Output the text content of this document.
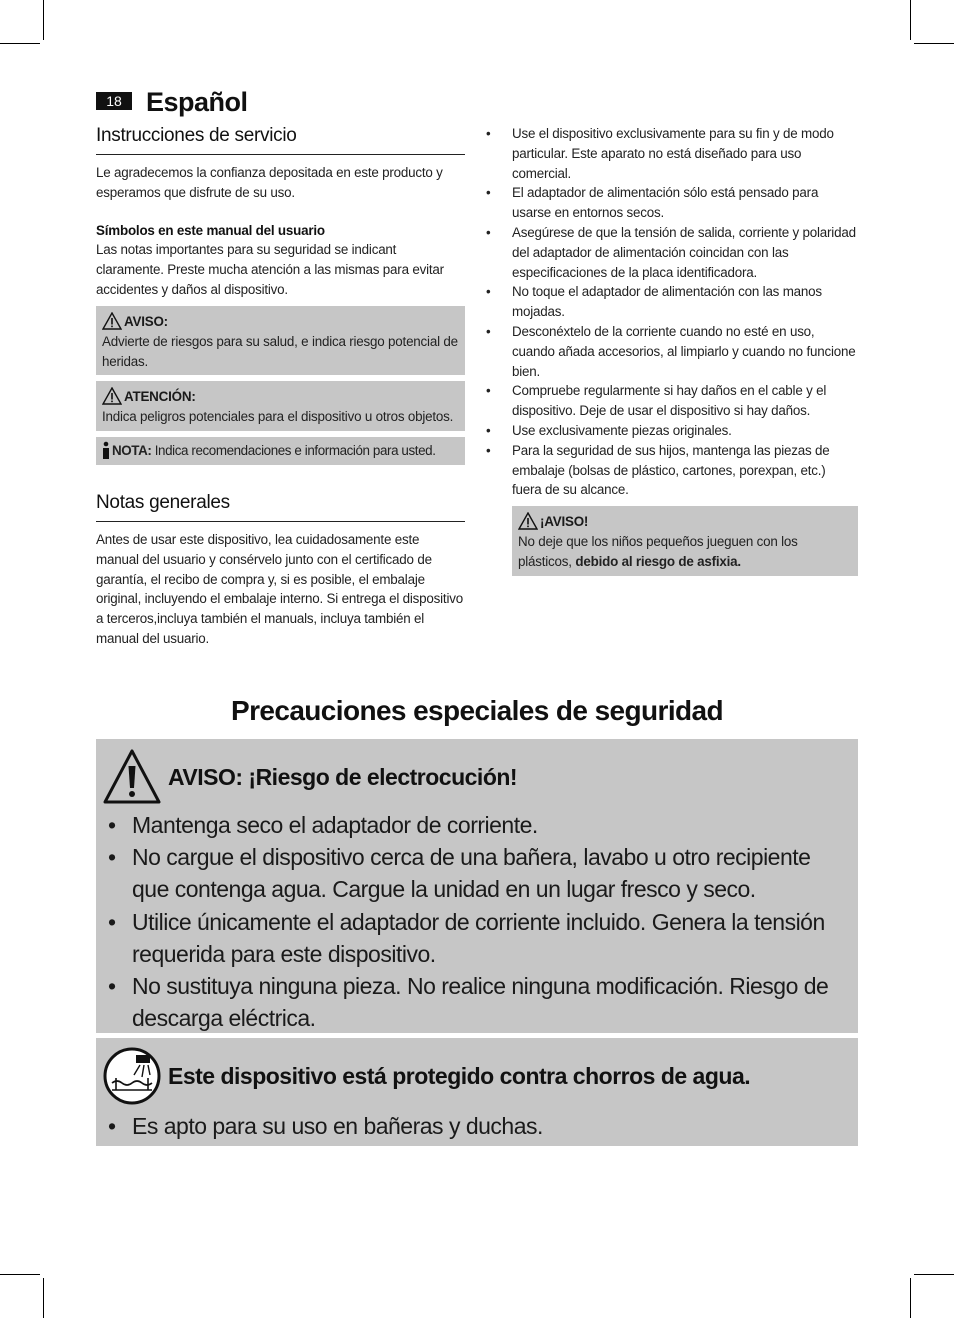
18 Español
Instrucciones de servicio

Le agradecemos la confianza depositada en este producto y esperamos que disfrute de su uso.

Símbolos en este manual del usuario

Las notas importantes para su seguridad se indicant claramente. Preste mucha atención a las mismas para evitar accidentes y daños al dispositivo.

AVISO:

Advierte de riesgos para su salud, e indica riesgo potencial de heridas.

ATENCIÓN:

Indica peligros potenciales para el dispositivo u otros objetos.

NOTA: Indica recomendaciones e información para usted.

Notas generales

Antes de usar este dispositivo, lea cuidadosamente este manual del usuario y consérvelo junto con el certificado de garantía, el recibo de compra y, si es posible, el embalaje original, incluyendo el embalaje interno. Si entrega el dispositivo a terceros,incluya también el manuals, incluya también el manual del usuario.

• Use el dispositivo exclusivamente para su fin y de modo particular. Este aparato no está diseñado para uso comercial.
• El adaptador de alimentación sólo está pensado para usarse en entornos secos.
• Asegúrese de que la tensión de salida, corriente y polaridad del adaptador de alimentación coincidan con las especificaciones de la placa identificadora.
• No toque el adaptador de alimentación con las manos mojadas.
• Desconéxtelo de la corriente cuando no esté en uso, cuando añada accesorios, al limpiarlo y cuando no funcione bien.
• Compruebe regularmente si hay daños en el cable y el dispositivo. Deje de usar el dispositivo si hay daños.
• Use exclusivamente piezas originales.
• Para la seguridad de sus hijos, mantenga las piezas de embalaje (bolsas de plástico, cartones, porexpan, etc.) fuera de su alcance.
¡AVISO!

No deje que los niños pequeños jueguen con los plásticos, debido al riesgo de asfixia.

Precauciones especiales de seguridad
AVISO: ¡Riesgo de electrocución!
• Mantenga seco el adaptador de corriente.
• No cargue el dispositivo cerca de una bañera, lavabo u otro recipiente que contenga agua. Cargue la unidad en un lugar fresco y seco.
• Utilice únicamente el adaptador de corriente incluido. Genera la tensión requerida para este dispositivo.
• No sustituya ninguna pieza. No realice ninguna modificación. Riesgo de descarga eléctrica.
Este dispositivo está protegido contra chorros de agua.
• Es apto para su uso en bañeras y duchas.
